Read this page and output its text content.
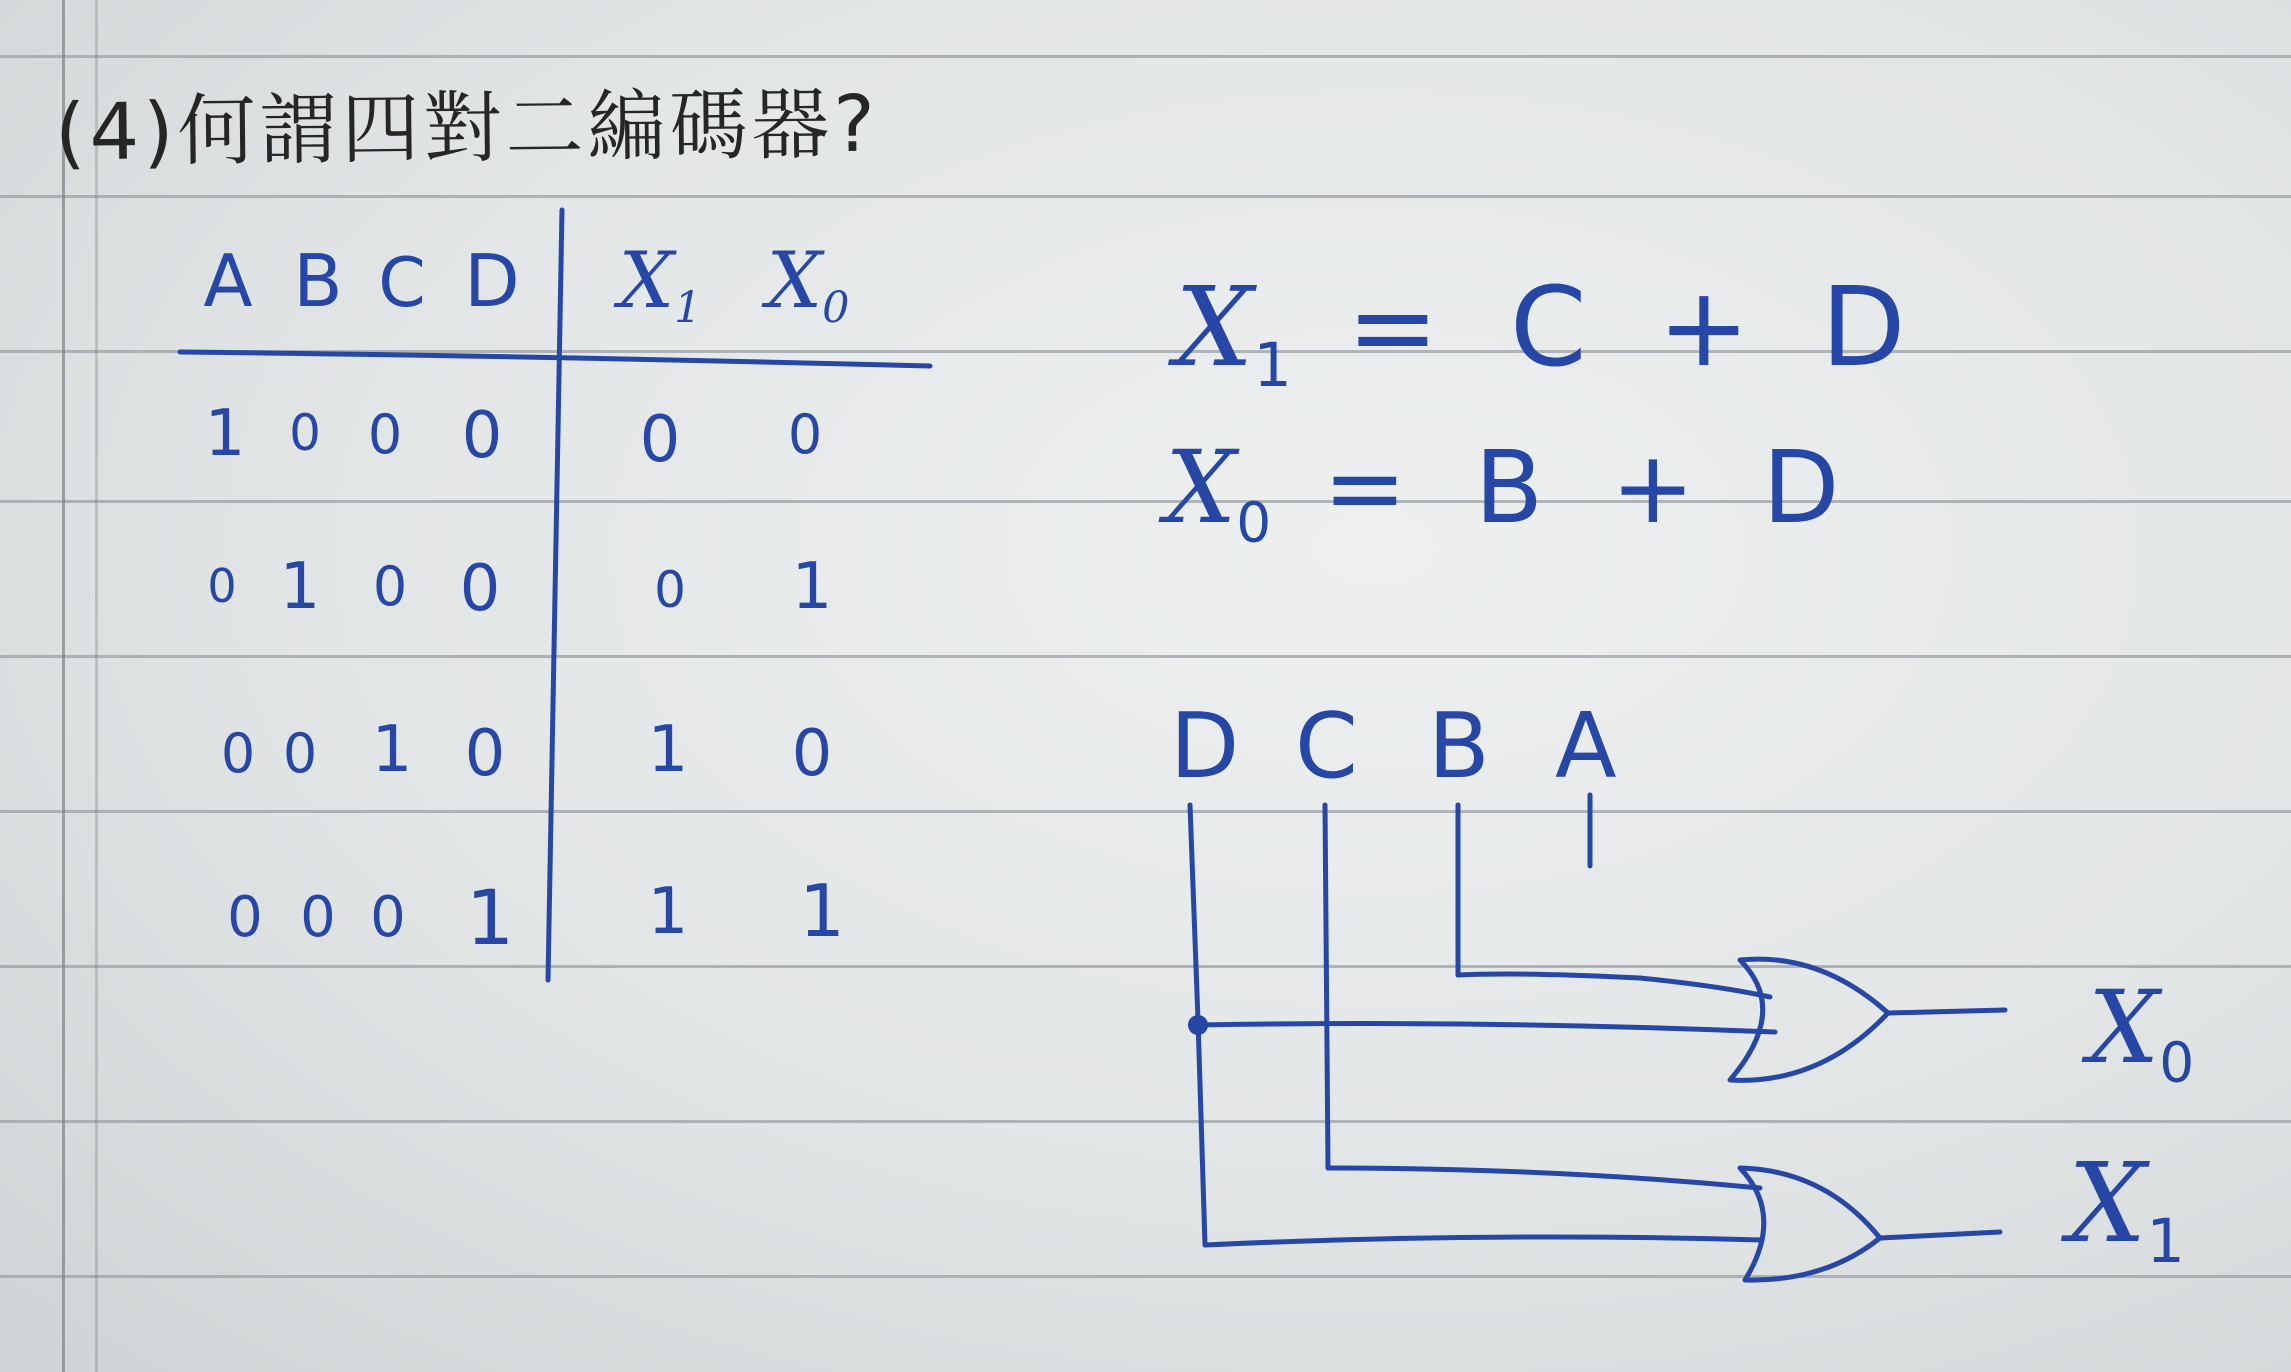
(4)何謂四對二編碼器?
A B C D $X_1$ $X_0$
1 0 0 0 0 0
0 1 0 0	0 1
0 0 1 0 1 0
0 0 0 1 1 1
$X_1 = C + D$
$X_0 = B + D$
D C B A
$X_0$
$X_1$
